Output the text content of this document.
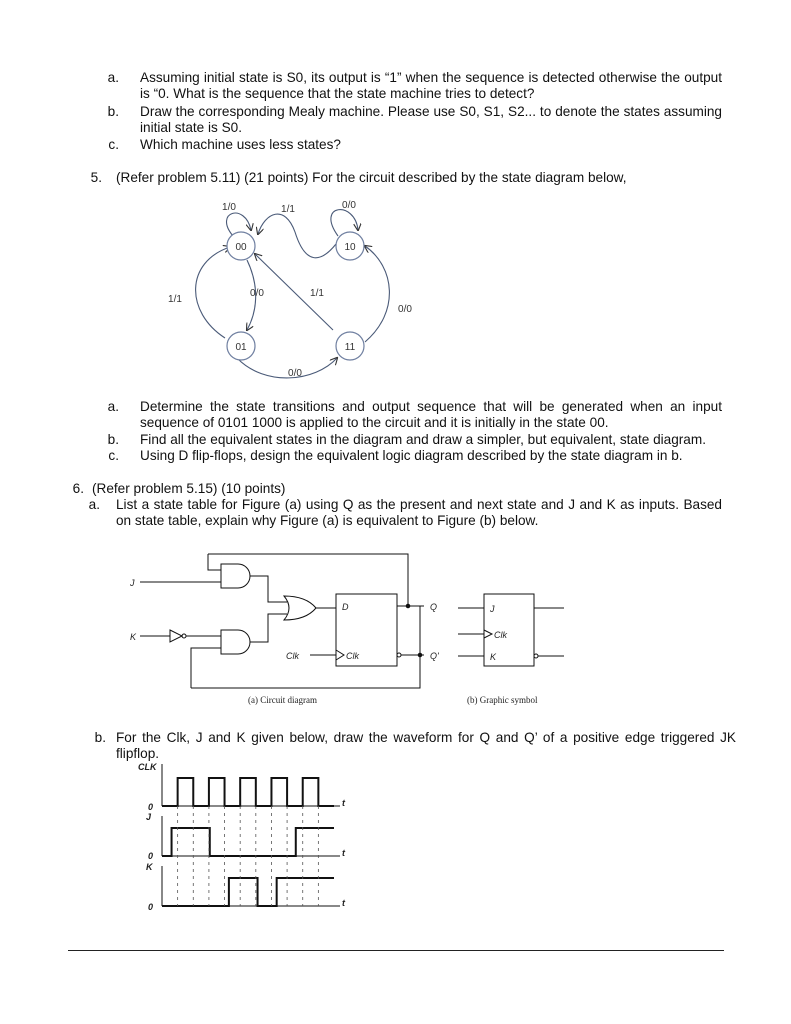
a. Assuming initial state is S0, its output is “1” when the sequence is detected otherwise the output is “0. What is the sequence that the state machine tries to detect?
b. Draw the corresponding Mealy machine. Please use S0, S1, S2... to denote the states assuming initial state is S0.
c. Which machine uses less states?
5. (Refer problem 5.11) (21 points) For the circuit described by the state diagram below,
00	10
01	11
1/0	1/1	0/0
1/1
0/0	1/1
0/0
0/0
a. Determine the state transitions and output sequence that will be generated when an input sequence of 0101 1000 is applied to the circuit and it is initially in the state 00.
b. Find all the equivalent states in the diagram and draw a simpler, but equivalent, state diagram.
c. Using D flip-flops, design the equivalent logic diagram described by the state diagram in b.
6. (Refer problem 5.15) (10 points)
a. List a state table for Figure (a) using Q as the present and next state and J and K as inputs. Based on state table, explain why Figure (a) is equivalent to Figure (b) below.
J
K
D
Clk
Clk
Q
Q'
J
Clk
K
(a) Circuit diagram	(b) Graphic symbol
b. For the Clk, J and K given below, draw the waveform for Q and Q’ of a positive edge triggered JK flipflop.
CLK
0
J
0
K
0
t
t
t
